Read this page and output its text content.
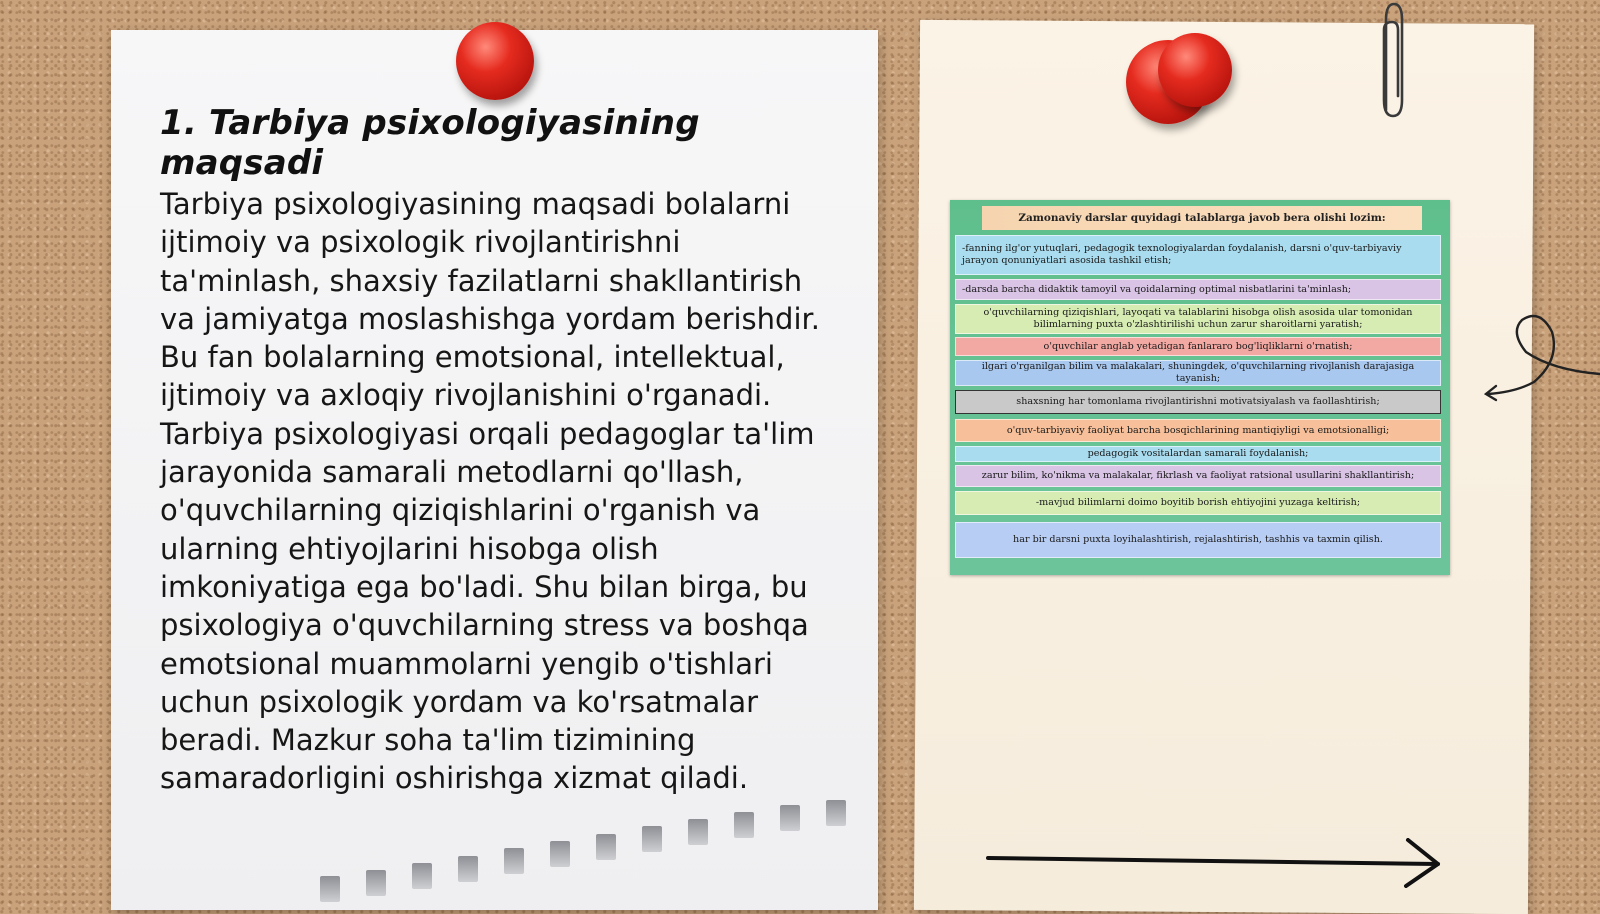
1. Tarbiya psixologiyasining maqsadi
Tarbiya psixologiyasining maqsadi bolalarni
ijtimoiy va psixologik rivojlantirishni
ta'minlash, shaxsiy fazilatlarni shakllantirish
va jamiyatga moslashishga yordam berishdir.
Bu fan bolalarning emotsional, intellektual,
ijtimoiy va axloqiy rivojlanishini o'rganadi.
Tarbiya psixologiyasi orqali pedagoglar ta'lim
jarayonida samarali metodlarni qo'llash,
o'quvchilarning qiziqishlarini o'rganish va
ularning ehtiyojlarini hisobga olish
imkoniyatiga ega bo'ladi. Shu bilan birga, bu
psixologiya o'quvchilarning stress va boshqa
emotsional muammolarni yengib o'tishlari
uchun psixologik yordam va ko'rsatmalar
beradi. Mazkur soha ta'lim tizimining
samaradorligini oshirishga xizmat qiladi.
Zamonaviy darslar quyidagi talablarga javob bera olishi lozim:
-fanning ilg'or yutuqlari, pedagogik texnologiyalardan foydalanish, darsni o'quv-tarbiyaviy jarayon qonuniyatlari asosida tashkil etish;
-darsda barcha didaktik tamoyil va qoidalarning optimal nisbatlarini ta'minlash;
o'quvchilarning qiziqishlari, layoqati va talablarini hisobga olish asosida ular tomonidan bilimlarning puxta o'zlashtirilishi uchun zarur sharoitlarni yaratish;
o'quvchilar anglab yetadigan fanlararo bog'liqliklarni o'rnatish;
ilgari o'rganilgan bilim va malakalari, shuningdek, o'quvchilarning rivojlanish darajasiga tayanish;
shaxsning har tomonlama rivojlantirishni motivatsiyalash va faollashtirish;
o'quv-tarbiyaviy faoliyat barcha bosqichlarining mantiqiyligi va emotsionalligi;
pedagogik vositalardan samarali foydalanish;
zarur bilim, ko'nikma va malakalar, fikrlash va faoliyat ratsional usullarini shakllantirish;
-mavjud bilimlarni doimo boyitib borish ehtiyojini yuzaga keltirish;
har bir darsni puxta loyihalashtirish, rejalashtirish, tashhis va taxmin qilish.
